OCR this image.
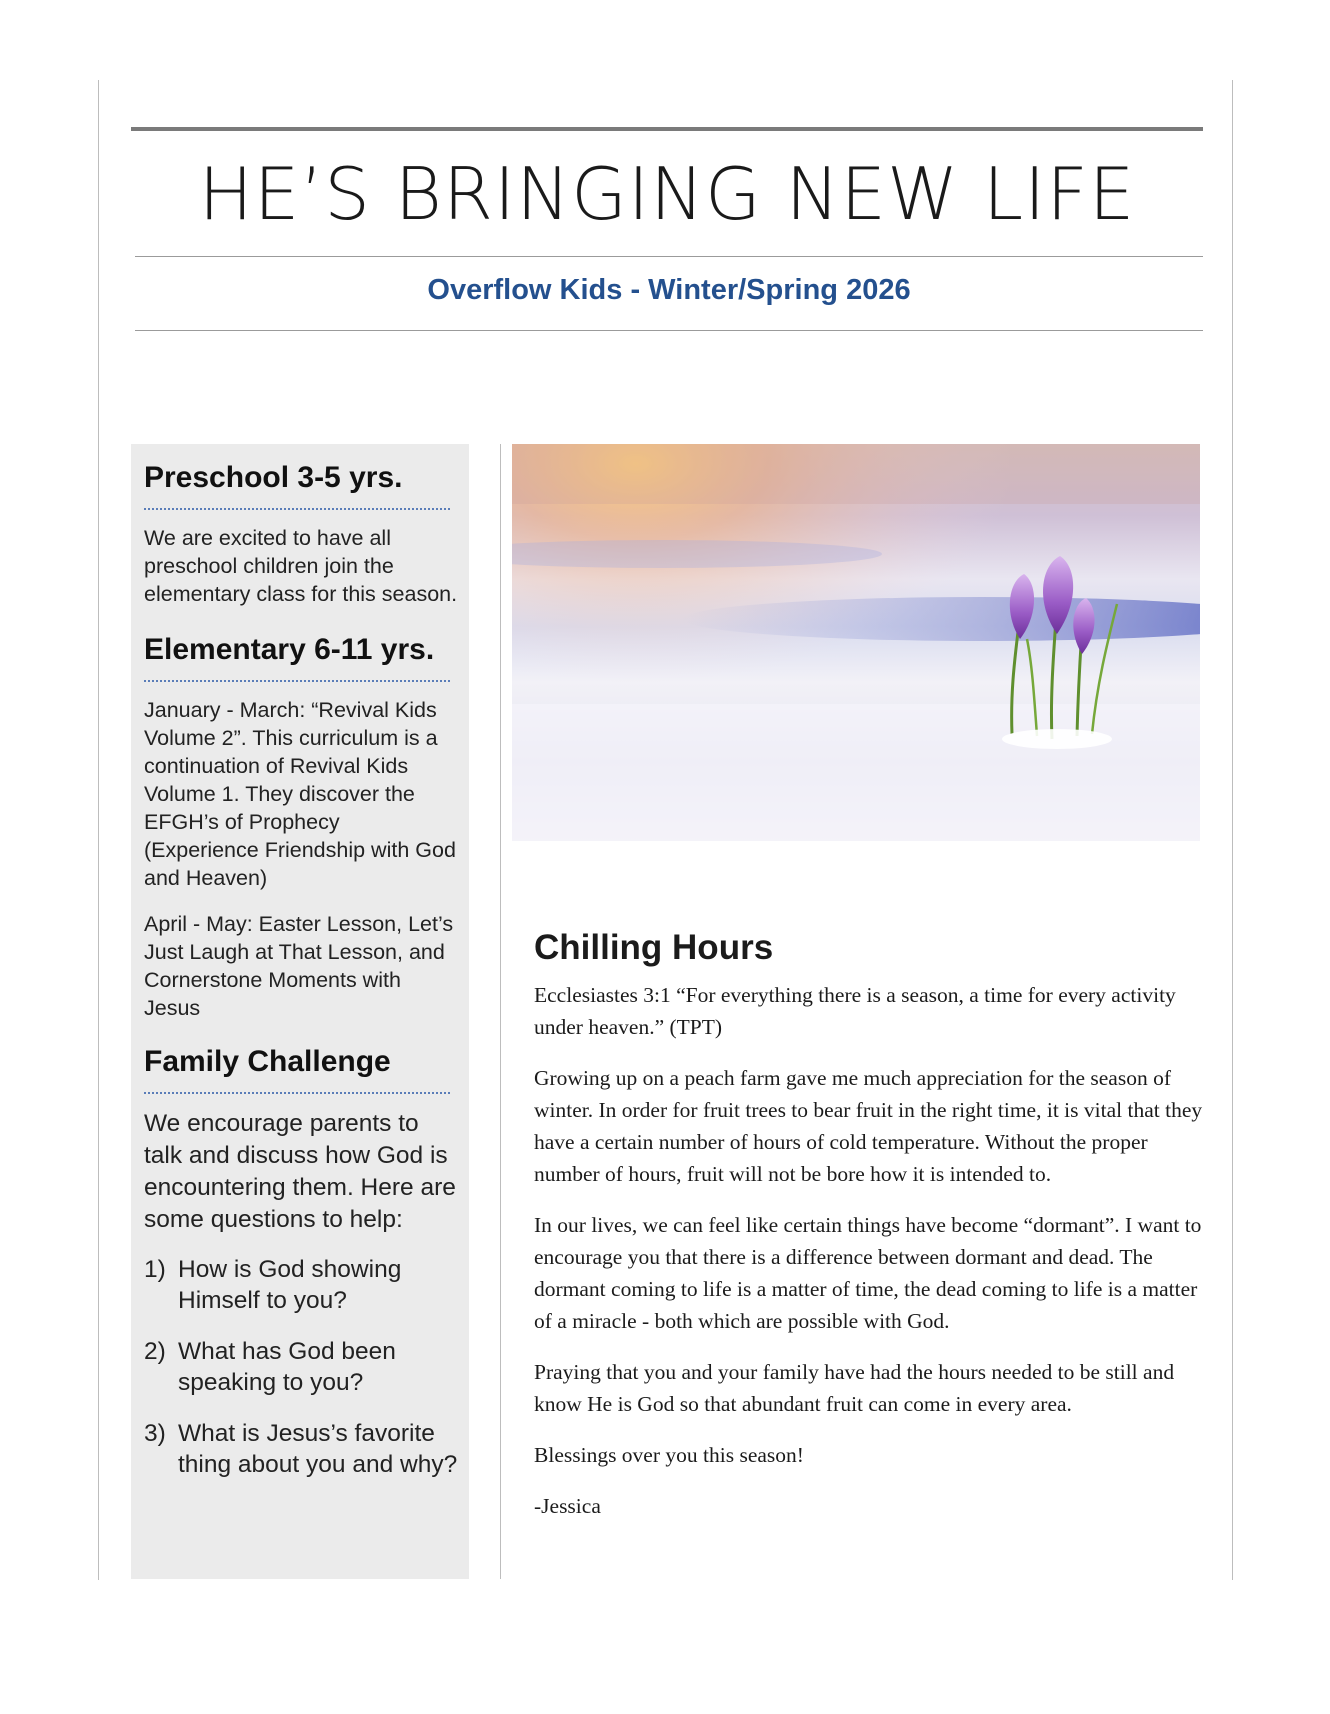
HE’S BRINGING NEW LIFE
Overflow Kids - Winter/Spring 2026
Preschool 3-5 yrs.

We are excited to have all preschool children join the elementary class for this season.

Elementary 6-11 yrs.

January - March: “Revival Kids Volume 2”. This curriculum is a continuation of Revival Kids Volume 1. They discover the EFGH’s of Prophecy (Experience Friendship with God and Heaven)

April - May: Easter Lesson, Let’s Just Laugh at That Lesson, and Cornerstone Moments with Jesus

Family Challenge

We encourage parents to talk and discuss how God is encountering them. Here are some questions to help:

1) How is God showing Himself to you?
2) What has God been speaking to you?
3) What is Jesus’s favorite thing about you and why?
Chilling Hours

Ecclesiastes 3:1 “For everything there is a season, a time for every activity under heaven.” (TPT)

Growing up on a peach farm gave me much appreciation for the season of winter. In order for fruit trees to bear fruit in the right time, it is vital that they have a certain number of hours of cold temperature. Without the proper number of hours, fruit will not be bore how it is intended to.

In our lives, we can feel like certain things have become “dormant”. I want to encourage you that there is a difference between dormant and dead. The dormant coming to life is a matter of time, the dead coming to life is a matter of a miracle - both which are possible with God.

Praying that you and your family have had the hours needed to be still and know He is God so that abundant fruit can come in every area.

Blessings over you this season!

-Jessica
